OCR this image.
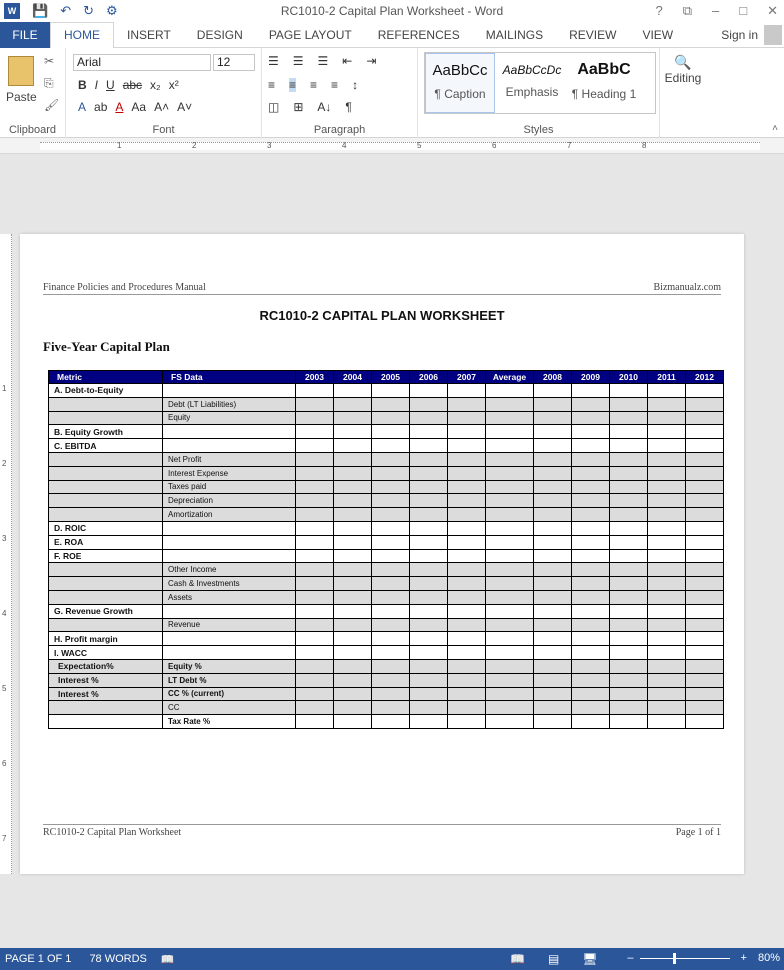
W 💾 ↶ ↻ ⚙	RC1010-2 Capital Plan Worksheet - Word	? ⧉ – □ ✕
FILE	HOME	INSERT	DESIGN	PAGE LAYOUT	REFERENCES	MAILINGS	REVIEW	VIEW	Sign in
Paste
✂
⎘
🖌
Clipboard
Arial	12
B I U abc x₂ x²
A ab A Aa A˄ A˅
Font
☰ ☰ ☰ ⇤ ⇥
≡ ≡ ≡ ≡ ↕
◫ ⊞ A↓ ¶
Paragraph
AaBbCc
¶ Caption
AaBbCcDc
Emphasis
AaBbC
¶ Heading 1
Styles
🔍
Editing
˄
1	2	3	4	5	6	7	8
1
2
3
4
5
6
7
Finance Policies and Procedures Manual	Bizmanualz.com
RC1010-2 CAPITAL PLAN WORKSHEET
Five-Year Capital Plan
Metric	FS Data	2003	2004	2005	2006	2007	Average	2008	2009	2010	2011	2012
A. Debt-to-Equity												
	Debt (LT Liabilities)											
	Equity											
B. Equity Growth												
C. EBITDA												
	Net Profit											
	Interest Expense											
	Taxes paid											
	Depreciation											
	Amortization											
D. ROIC												
E. ROA												
F. ROE												
	Other Income											
	Cash & Investments											
	Assets											
G. Revenue Growth												
	Revenue											
H. Profit margin												
I. WACC												
Expectation%	Equity %											
Interest %	LT Debt %											
Interest %	CC % (current)											
	CC											
	Tax Rate %											
RC1010-2 Capital Plan Worksheet	Page 1 of 1
PAGE 1 OF 1 78 WORDS 📖	📖 ▤ 🖥	–	+ 80%
